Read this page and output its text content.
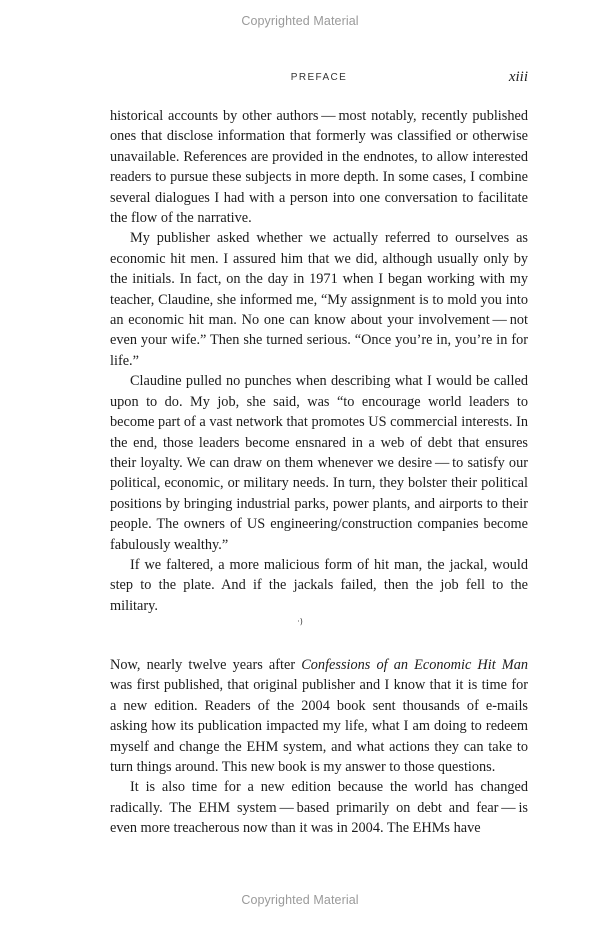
Copyrighted Material
PREFACE	xiii

historical accounts by other authors — most notably, recently published ones that disclose information that formerly was classified or otherwise unavailable. References are provided in the endnotes, to allow interested readers to pursue these subjects in more depth. In some cases, I combine several dialogues I had with a person into one conversation to facilitate the flow of the narrative.

My publisher asked whether we actually referred to ourselves as economic hit men. I assured him that we did, although usually only by the initials. In fact, on the day in 1971 when I began working with my teacher, Claudine, she informed me, “My assignment is to mold you into an economic hit man. No one can know about your involvement — not even your wife.” Then she turned serious. “Once you’re in, you’re in for life.”

Claudine pulled no punches when describing what I would be called upon to do. My job, she said, was “to encourage world leaders to become part of a vast network that promotes US commercial interests. In the end, those leaders become ensnared in a web of debt that ensures their loyalty. We can draw on them whenever we desire — to satisfy our political, economic, or military needs. In turn, they bolster their political positions by bringing industrial parks, power plants, and airports to their people. The owners of US engineering/construction companies become fabulously wealthy.”

If we faltered, a more malicious form of hit man, the jackal, would step to the plate. And if the jackals failed, then the job fell to the military.

·)

Now, nearly twelve years after Confessions of an Economic Hit Man was first published, that original publisher and I know that it is time for a new edition. Readers of the 2004 book sent thousands of e-mails asking how its publication impacted my life, what I am doing to redeem myself and change the EHM system, and what actions they can take to turn things around. This new book is my answer to those questions.

It is also time for a new edition because the world has changed radically. The EHM system — based primarily on debt and fear — is even more treacherous now than it was in 2004. The EHMs have

Copyrighted Material
